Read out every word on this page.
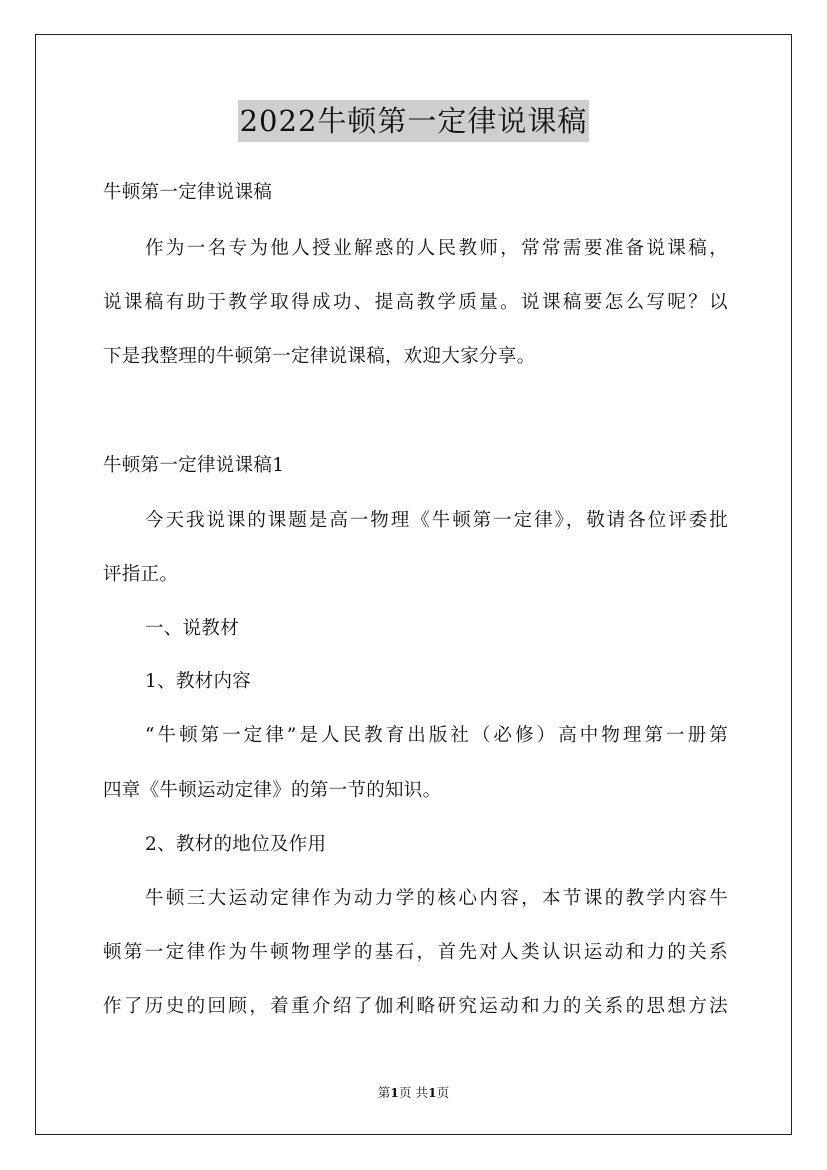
2022牛顿第一定律说课稿
牛顿第一定律说课稿
作为一名专为他人授业解惑的人民教师，常常需要准备说课稿，
说课稿有助于教学取得成功、提高教学质量。说课稿要怎么写呢？以
下是我整理的牛顿第一定律说课稿，欢迎大家分享。
牛顿第一定律说课稿1
今天我说课的课题是高一物理《牛顿第一定律》，敬请各位评委批
评指正。
一、说教材
1、教材内容
“牛顿第一定律”是人民教育出版社（必修）高中物理第一册第
四章《牛顿运动定律》的第一节的知识。
2、教材的地位及作用
牛顿三大运动定律作为动力学的核心内容，本节课的教学内容牛
顿第一定律作为牛顿物理学的基石，首先对人类认识运动和力的关系
作了历史的回顾，着重介绍了伽利略研究运动和力的关系的思想方法
第1页 共1页
